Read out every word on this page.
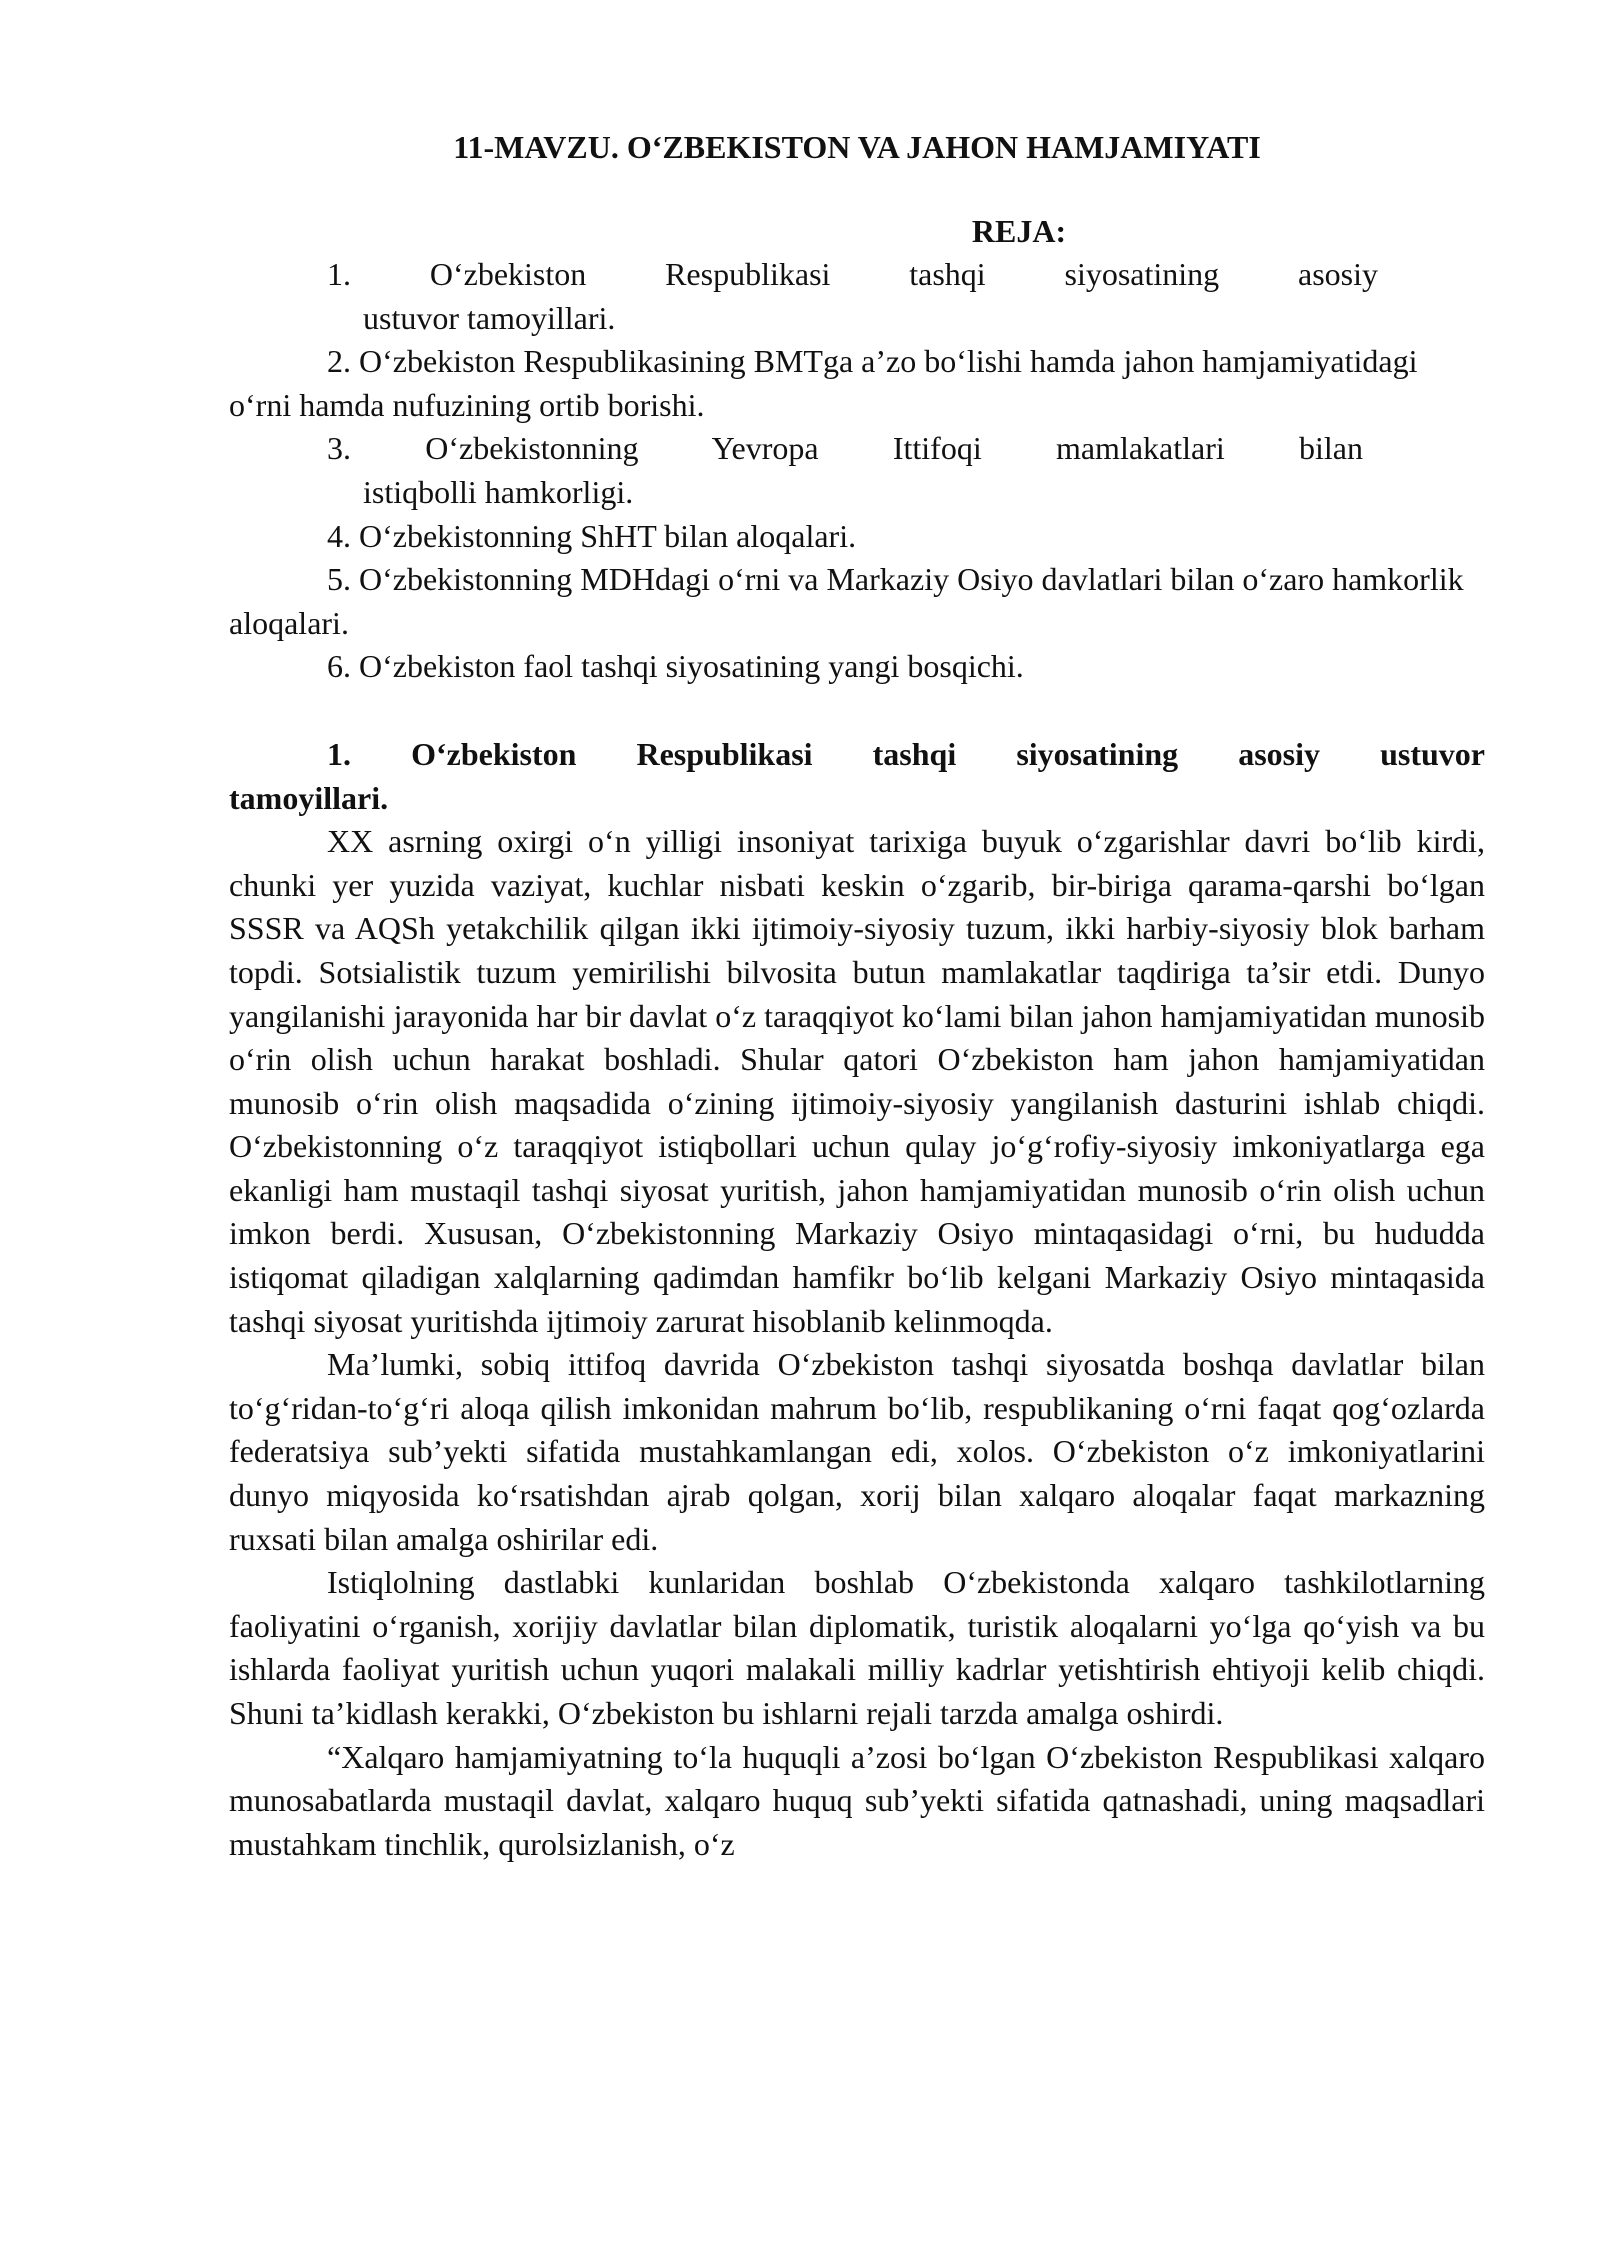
11-MAVZU. O‘ZBEKISTON VA JAHON HAMJAMIYATI
REJA:
1. O‘zbekiston Respublikasi tashqi siyosatining asosiy
ustuvor tamoyillari.
2. O‘zbekiston Respublikasining BMTga a’zo bo‘lishi hamda jahon hamjamiyatidagi o‘rni hamda nufuzining ortib borishi.
3. O‘zbekistonning Yevropa Ittifoqi mamlakatlari bilan
istiqbolli hamkorligi.
4. O‘zbekistonning ShHT bilan aloqalari.
5. O‘zbekistonning MDHdagi o‘rni va Markaziy Osiyo davlatlari bilan o‘zaro hamkorlik aloqalari.
6. O‘zbekiston faol tashqi siyosatining yangi bosqichi.
1. O‘zbekiston Respublikasi tashqi siyosatining asosiy ustuvor
tamoyillari.

XX asrning oxirgi o‘n yilligi insoniyat tarixiga buyuk o‘zgarishlar davri bo‘lib kirdi, chunki yer yuzida vaziyat, kuchlar nisbati keskin o‘zgarib, bir-biriga qarama-qarshi bo‘lgan SSSR va AQSh yetakchilik qilgan ikki ijtimoiy-siyosiy tuzum, ikki harbiy-siyosiy blok barham topdi. Sotsialistik tuzum yemirilishi bilvosita butun mamlakatlar taqdiriga ta’sir etdi. Dunyo yangilanishi jarayonida har bir davlat o‘z taraqqiyot ko‘lami bilan jahon hamjamiyatidan munosib o‘rin olish uchun harakat boshladi. Shular qatori O‘zbekiston ham jahon hamjamiyatidan munosib o‘rin olish maqsadida o‘zining ijtimoiy-siyosiy yangilanish dasturini ishlab chiqdi. O‘zbekistonning o‘z taraqqiyot istiqbollari uchun qulay jo‘g‘rofiy-siyosiy imkoniyatlarga ega ekanligi ham mustaqil tashqi siyosat yuritish, jahon hamjamiyatidan munosib o‘rin olish uchun imkon berdi. Xususan, O‘zbekistonning Markaziy Osiyo mintaqasidagi o‘rni, bu hududda istiqomat qiladigan xalqlarning qadimdan hamfikr bo‘lib kelgani Markaziy Osiyo mintaqasida tashqi siyosat yuritishda ijtimoiy zarurat hisoblanib kelinmoqda.

Ma’lumki, sobiq ittifoq davrida O‘zbekiston tashqi siyosatda boshqa davlatlar bilan to‘g‘ridan-to‘g‘ri aloqa qilish imkonidan mahrum bo‘lib, respublikaning o‘rni faqat qog‘ozlarda federatsiya sub’yekti sifatida mustahkamlangan edi, xolos. O‘zbekiston o‘z imkoniyatlarini dunyo miqyosida ko‘rsatishdan ajrab qolgan, xorij bilan xalqaro aloqalar faqat markazning ruxsati bilan amalga oshirilar edi.

Istiqlolning dastlabki kunlaridan boshlab O‘zbekistonda xalqaro tashkilotlarning faoliyatini o‘rganish, xorijiy davlatlar bilan diplomatik, turistik aloqalarni yo‘lga qo‘yish va bu ishlarda faoliyat yuritish uchun yuqori malakali milliy kadrlar yetishtirish ehtiyoji kelib chiqdi. Shuni ta’kidlash kerakki, O‘zbekiston bu ishlarni rejali tarzda amalga oshirdi.

“Xalqaro hamjamiyatning to‘la huquqli a’zosi bo‘lgan O‘zbekiston Respublikasi xalqaro munosabatlarda mustaqil davlat, xalqaro huquq sub’yekti sifatida qatnashadi, uning maqsadlari mustahkam tinchlik, qurolsizlanish, o‘z
